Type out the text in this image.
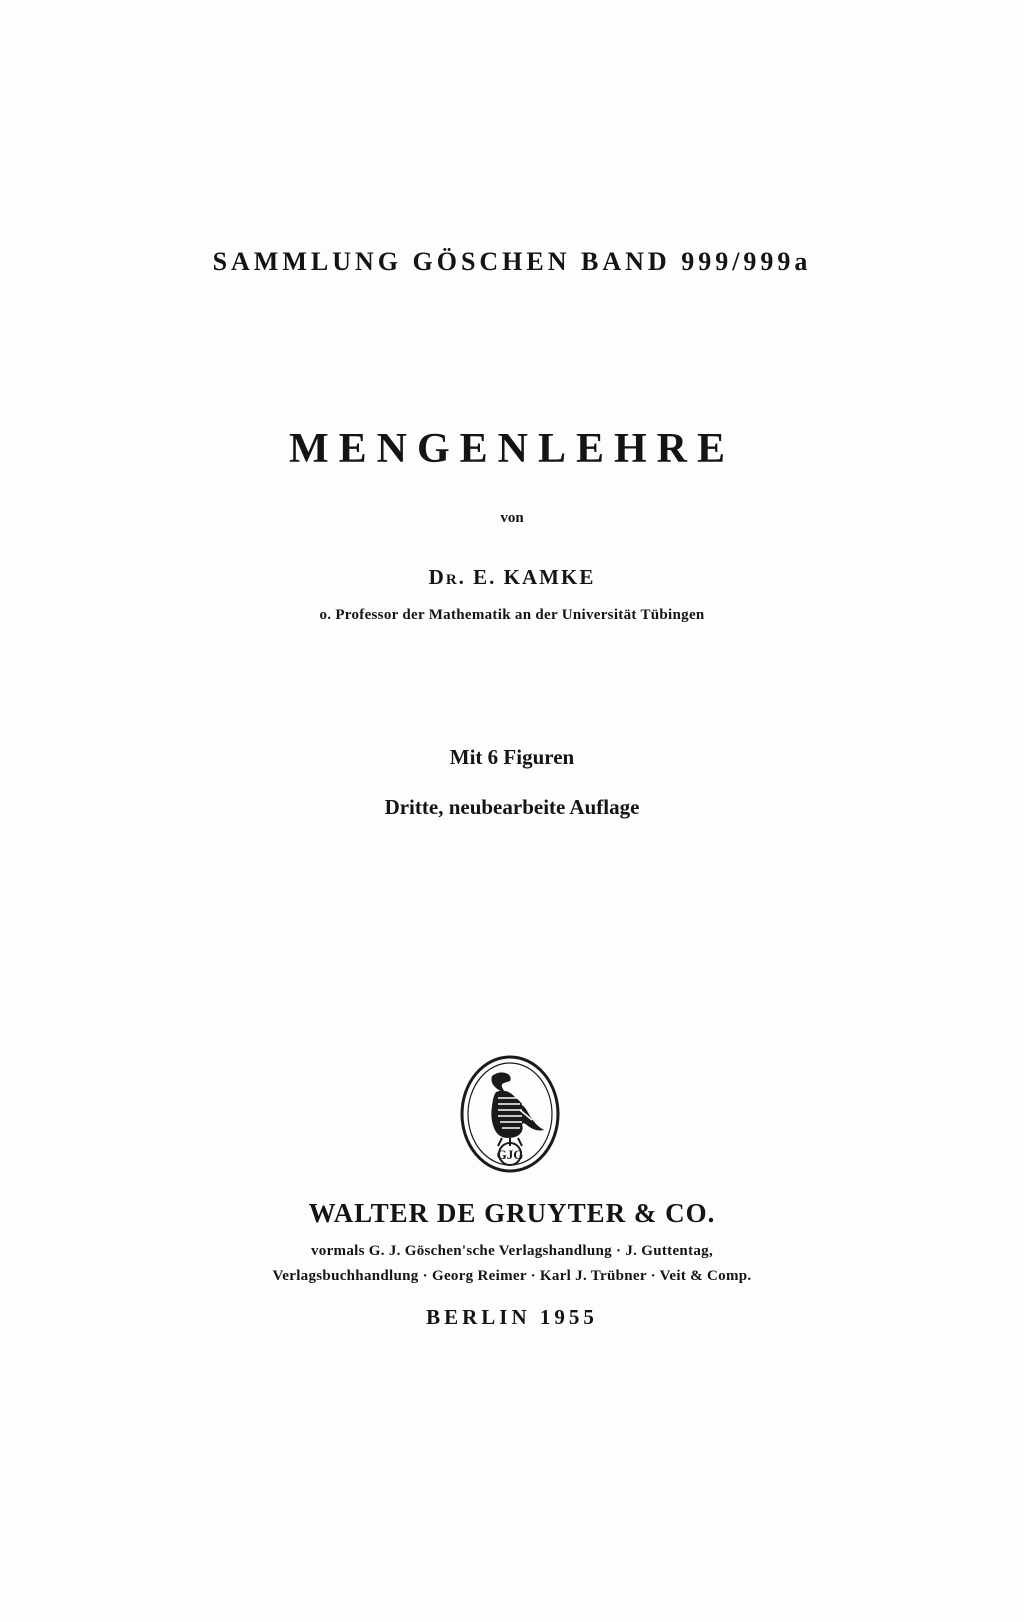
SAMMLUNG GÖSCHEN BAND 999/999a
MENGENLEHRE
von
DR. E. KAMKE
o. Professor der Mathematik an der Universität Tübingen
Mit 6 Figuren
Dritte, neubearbeite Auflage
GJG
WALTER DE GRUYTER & CO.
vormals G. J. Göschen'sche Verlagshandlung · J. Guttentag,
Verlagsbuchhandlung · Georg Reimer · Karl J. Trübner · Veit & Comp.
BERLIN 1955
